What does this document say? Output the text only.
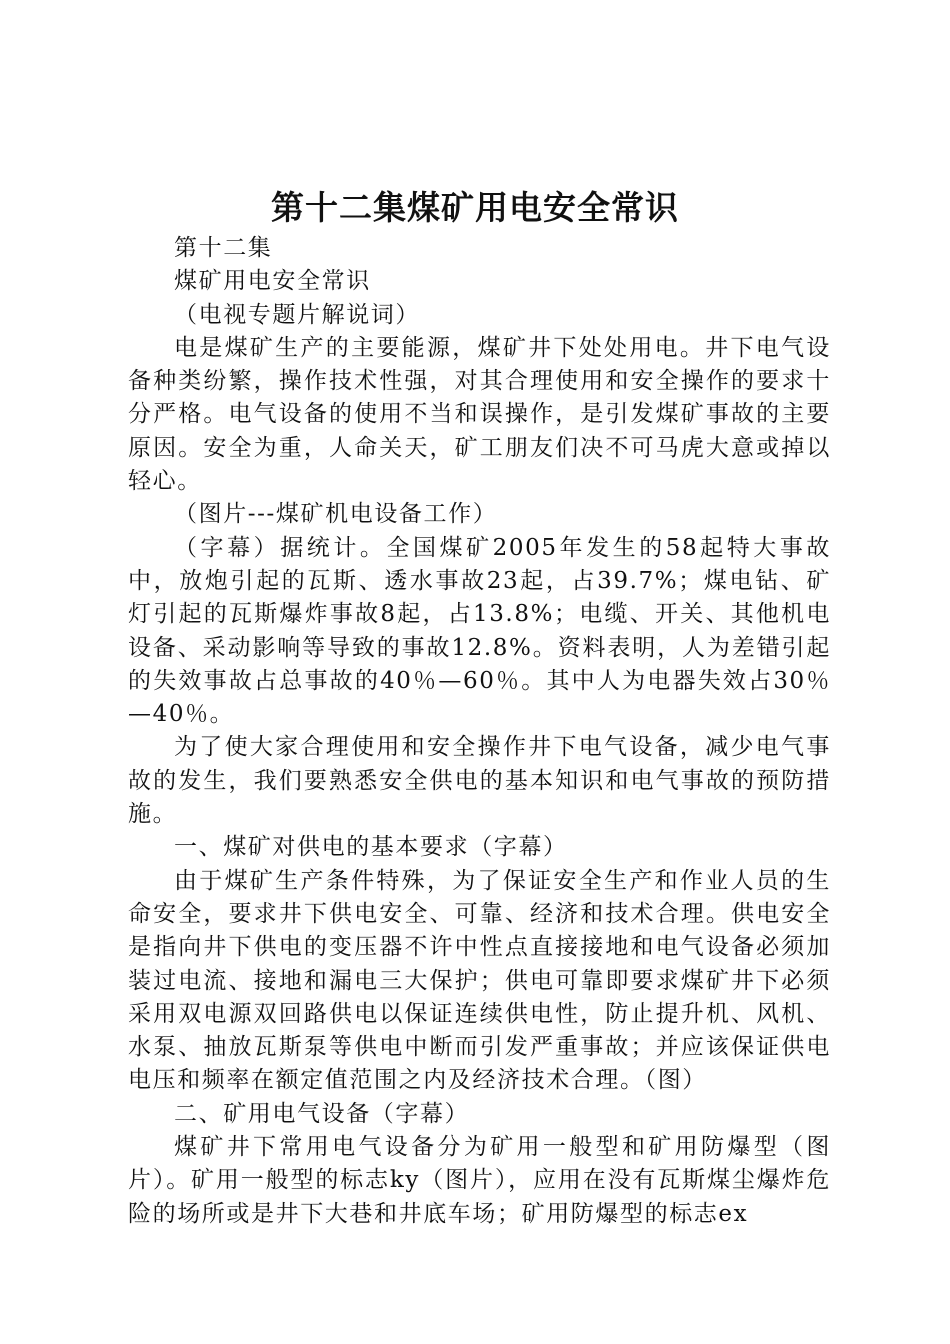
第十二集煤矿用电安全常识

第十二集

煤矿用电安全常识

（电视专题片解说词）

电是煤矿生产的主要能源，煤矿井下处处用电。井下电气设备种类纷繁，操作技术性强，对其合理使用和安全操作的要求十分严格。电气设备的使用不当和误操作，是引发煤矿事故的主要原因。安全为重，人命关天，矿工朋友们决不可马虎大意或掉以轻心。

（图片---煤矿机电设备工作）

（字幕）据统计。全国煤矿2005年发生的58起特大事故中，放炮引起的瓦斯、透水事故23起，占39.7%；煤电钻、矿灯引起的瓦斯爆炸事故8起，占13.8%；电缆、开关、其他机电设备、采动影响等导致的事故12.8%。资料表明，人为差错引起的失效事故占总事故的40％—60％。其中人为电器失效占30％—40％。

为了使大家合理使用和安全操作井下电气设备，减少电气事故的发生，我们要熟悉安全供电的基本知识和电气事故的预防措施。

一、煤矿对供电的基本要求（字幕）

由于煤矿生产条件特殊，为了保证安全生产和作业人员的生命安全，要求井下供电安全、可靠、经济和技术合理。供电安全是指向井下供电的变压器不许中性点直接接地和电气设备必须加装过电流、接地和漏电三大保护；供电可靠即要求煤矿井下必须采用双电源双回路供电以保证连续供电性，防止提升机、风机、水泵、抽放瓦斯泵等供电中断而引发严重事故；并应该保证供电电压和频率在额定值范围之内及经济技术合理。（图）

二、矿用电气设备（字幕）

煤矿井下常用电气设备分为矿用一般型和矿用防爆型（图片）。矿用一般型的标志ky（图片），应用在没有瓦斯煤尘爆炸危险的场所或是井下大巷和井底车场；矿用防爆型的标志ex
